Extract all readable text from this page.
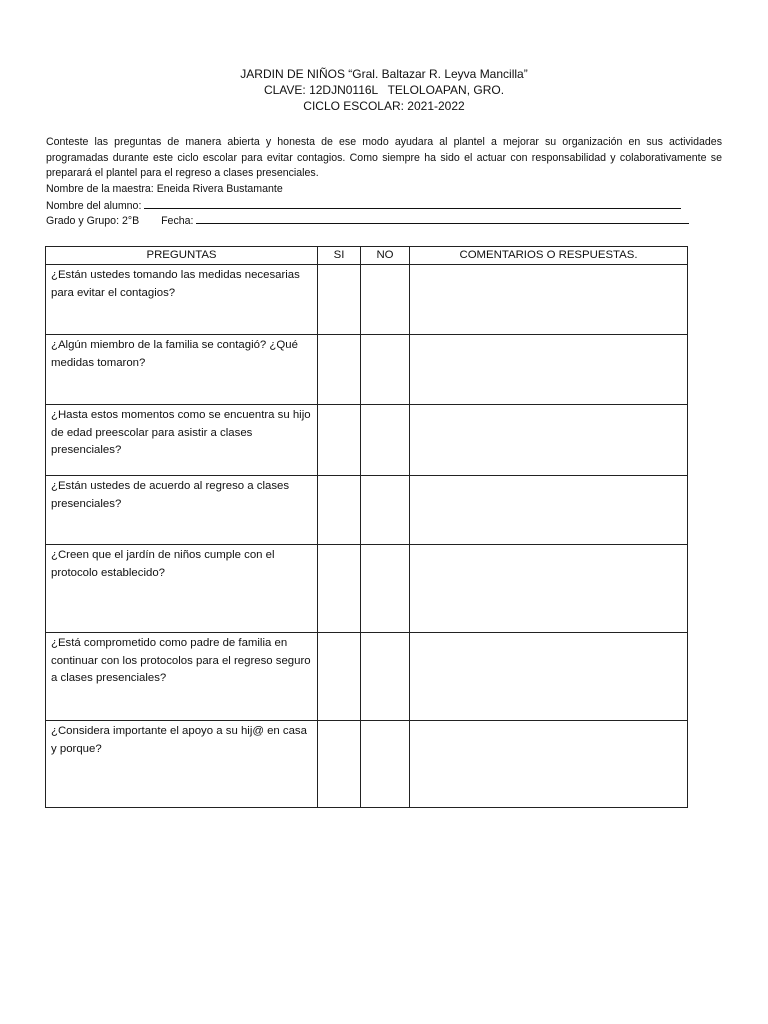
JARDIN DE NIÑOS “Gral. Baltazar R. Leyva Mancilla”
CLAVE: 12DJN0116L   TELOLOAPAN, GRO.
CICLO ESCOLAR: 2021-2022
Conteste las preguntas de manera abierta y honesta de ese modo ayudara al plantel a mejorar su organización en sus actividades programadas durante este ciclo escolar para evitar contagios. Como siempre ha sido el actuar con responsabilidad y colaborativamente se preparará el plantel para el regreso a clases presenciales.
Nombre de la maestra: Eneida Rivera Bustamante
Nombre del alumno:
Grado y Grupo: 2°B Fecha:
PREGUNTAS	SI	NO	COMENTARIOS O RESPUESTAS.
¿Están ustedes tomando las medidas necesarias para evitar el contagios?			
¿Algún miembro de la familia se contagió? ¿Qué medidas tomaron?			
¿Hasta estos momentos como se encuentra su hijo de edad preescolar para asistir a clases presenciales?			
¿Están ustedes de acuerdo al regreso a clases presenciales?			
¿Creen que el jardín de niños cumple con el protocolo establecido?			
¿Está comprometido como padre de familia en continuar con los protocolos para el regreso seguro a clases presenciales?			
¿Considera importante el apoyo a su hij@ en casa y porque?			
